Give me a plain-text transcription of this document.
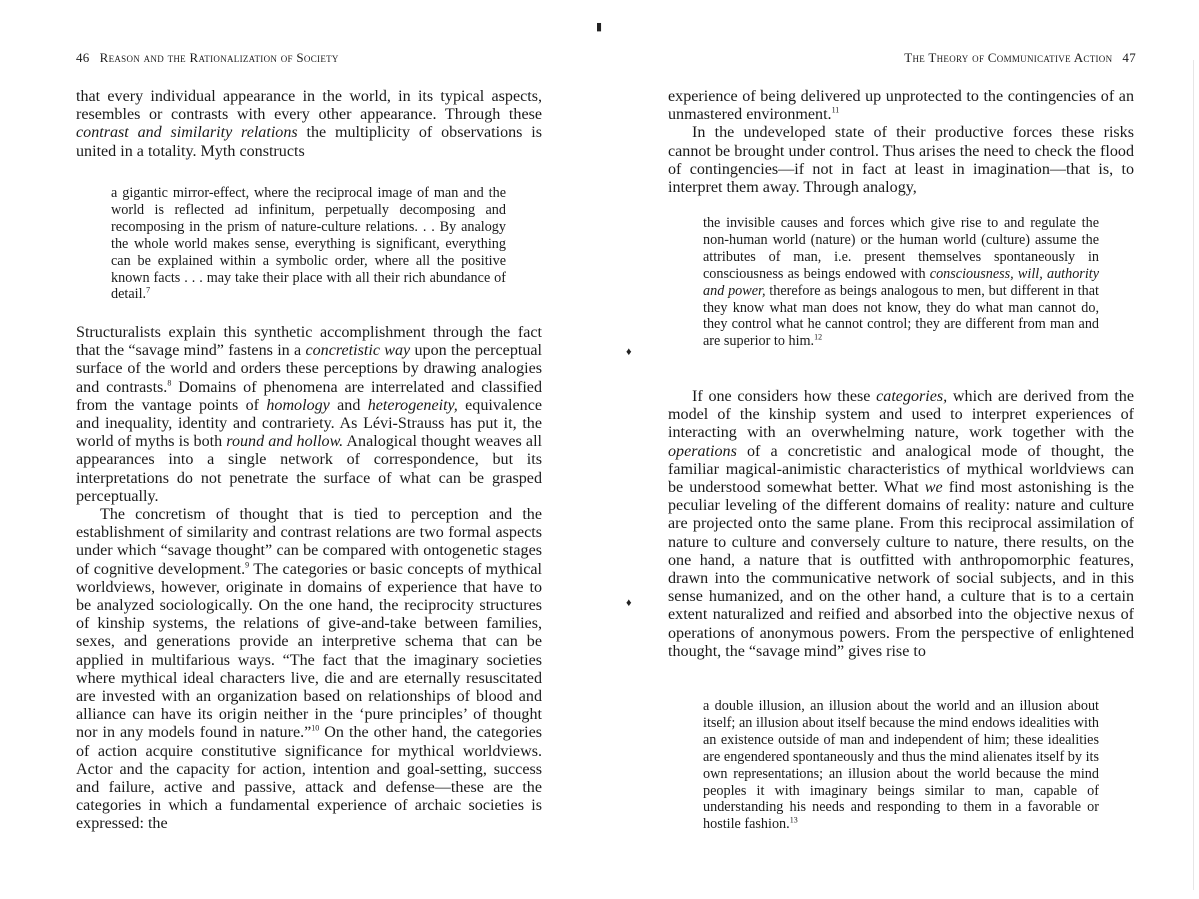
46 Reason and the Rationalization of Society

that every individual appearance in the world, in its typical aspects, resembles or contrasts with every other appearance. Through these contrast and similarity relations the multiplicity of observations is united in a totality. Myth constructs

a gigantic mirror-effect, where the reciprocal image of man and the world is reflected ad infinitum, perpetually decomposing and recomposing in the prism of nature-culture relations. . . By analogy the whole world makes sense, everything is significant, everything can be explained within a symbolic order, where all the positive known facts . . . may take their place with all their rich abundance of detail.$^7$

Structuralists explain this synthetic accomplishment through the fact that the “savage mind” fastens in a concretistic way upon the perceptual surface of the world and orders these perceptions by drawing analogies and contrasts.$^8$ Domains of phenomena are interrelated and classified from the vantage points of homology and heterogeneity, equivalence and inequality, identity and contrariety. As Lévi-Strauss has put it, the world of myths is both round and hollow. Analogical thought weaves all appearances into a single network of correspondence, but its interpretations do not penetrate the surface of what can be grasped perceptually.

The concretism of thought that is tied to perception and the establishment of similarity and contrast relations are two formal aspects under which “savage thought” can be compared with ontogenetic stages of cognitive development.$^9$ The categories or basic concepts of mythical worldviews, however, originate in domains of experience that have to be analyzed sociologically. On the one hand, the reciprocity structures of kinship systems, the relations of give-and-take between families, sexes, and generations provide an interpretive schema that can be applied in multifarious ways. “The fact that the imaginary societies where mythical ideal characters live, die and are eternally resuscitated are invested with an organization based on relationships of blood and alliance can have its origin neither in the ‘pure principles’ of thought nor in any models found in nature.”$^{10}$ On the other hand, the categories of action acquire constitutive significance for mythical worldviews. Actor and the capacity for action, intention and goal-setting, success and failure, active and passive, attack and defense—these are the categories in which a fundamental experience of archaic societies is expressed: the

▮
♦
♦
The Theory of Communicative Action 47

experience of being delivered up unprotected to the contingencies of an unmastered environment.$^{11}$

In the undeveloped state of their productive forces these risks cannot be brought under control. Thus arises the need to check the flood of contingencies—if not in fact at least in imagination—that is, to interpret them away. Through analogy,

the invisible causes and forces which give rise to and regulate the non-human world (nature) or the human world (culture) assume the attributes of man, i.e. present themselves spontaneously in consciousness as beings endowed with consciousness, will, authority and power, therefore as beings analogous to men, but different in that they know what man does not know, they do what man cannot do, they control what he cannot control; they are different from man and are superior to him.$^{12}$

If one considers how these categories, which are derived from the model of the kinship system and used to interpret experiences of interacting with an overwhelming nature, work together with the operations of a concretistic and analogical mode of thought, the familiar magical-animistic characteristics of mythical worldviews can be understood somewhat better. What we find most astonishing is the peculiar leveling of the different domains of reality: nature and culture are projected onto the same plane. From this reciprocal assimilation of nature to culture and conversely culture to nature, there results, on the one hand, a nature that is outfitted with anthropomorphic features, drawn into the communicative network of social subjects, and in this sense humanized, and on the other hand, a culture that is to a certain extent naturalized and reified and absorbed into the objective nexus of operations of anonymous powers. From the perspective of enlightened thought, the “savage mind” gives rise to

a double illusion, an illusion about the world and an illusion about itself; an illusion about itself because the mind endows idealities with an existence outside of man and independent of him; these idealities are engendered spontaneously and thus the mind alienates itself by its own representations; an illusion about the world because the mind peoples it with imaginary beings similar to man, capable of understanding his needs and responding to them in a favorable or hostile fashion.$^{13}$
